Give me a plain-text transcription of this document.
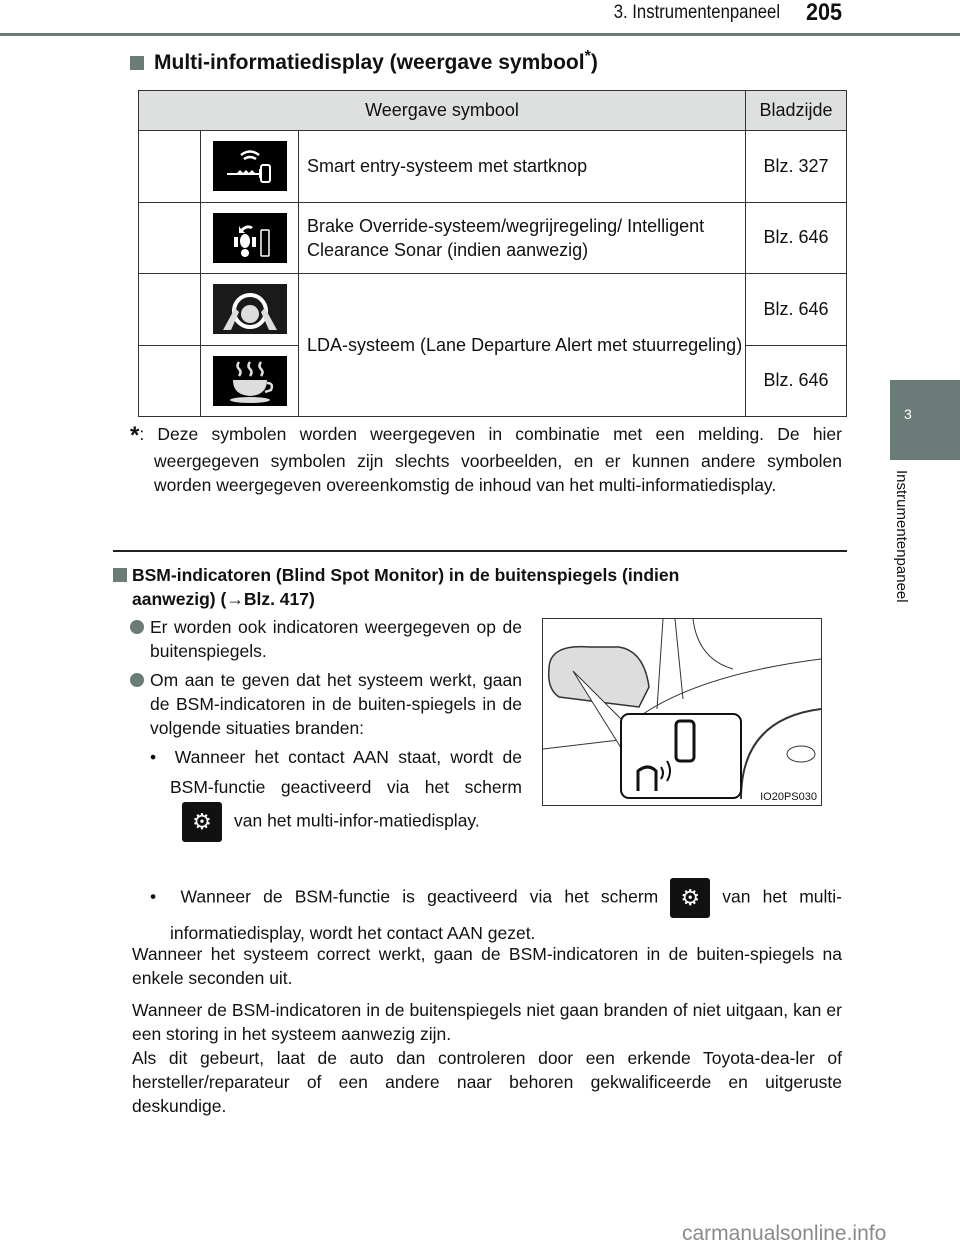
3. Instrumentenpaneel 205
3
Instrumentenpaneel
Multi-informatiedisplay (weergave symbool*)
Weergave symbool			Bladzijde

	Smart entry-systeem met startknop	Blz. 327

	Brake Override-systeem/wegrijregeling/ Intelligent Clearance Sonar (indien aanwezig)	Blz. 646

	LDA-systeem (Lane Departure Alert met stuurregeling)	Blz. 646

	Blz. 646
*: Deze symbolen worden weergegeven in combinatie met een melding. De hier weergegeven symbolen zijn slechts voorbeelden, en er kunnen andere symbolen worden weergegeven overeenkomstig de inhoud van het multi-informatiedisplay.
BSM-indicatoren (Blind Spot Monitor) in de buitenspiegels (indien aanwezig) (→Blz. 417)
Er worden ook indicatoren weergegeven op de buitenspiegels.
Om aan te geven dat het systeem werkt, gaan de BSM-indicatoren in de buiten-spiegels in de volgende situaties branden:
•  Wanneer het contact AAN staat, wordt de BSM-functie geactiveerd via het scherm⚙ van het multi-infor-matiedisplay.
•  Wanneer de BSM-functie is geactiveerd via het scherm ⚙ van het multi-informatiedisplay, wordt het contact AAN gezet.
Wanneer het systeem correct werkt, gaan de BSM-indicatoren in de buiten-spiegels na enkele seconden uit.
Wanneer de BSM-indicatoren in de buitenspiegels niet gaan branden of niet uitgaan, kan er een storing in het systeem aanwezig zijn.
Als dit gebeurt, laat de auto dan controleren door een erkende Toyota-dea-ler of hersteller/reparateur of een andere naar behoren gekwalificeerde en uitgeruste deskundige.
IO20PS030
carmanualsonline.info
